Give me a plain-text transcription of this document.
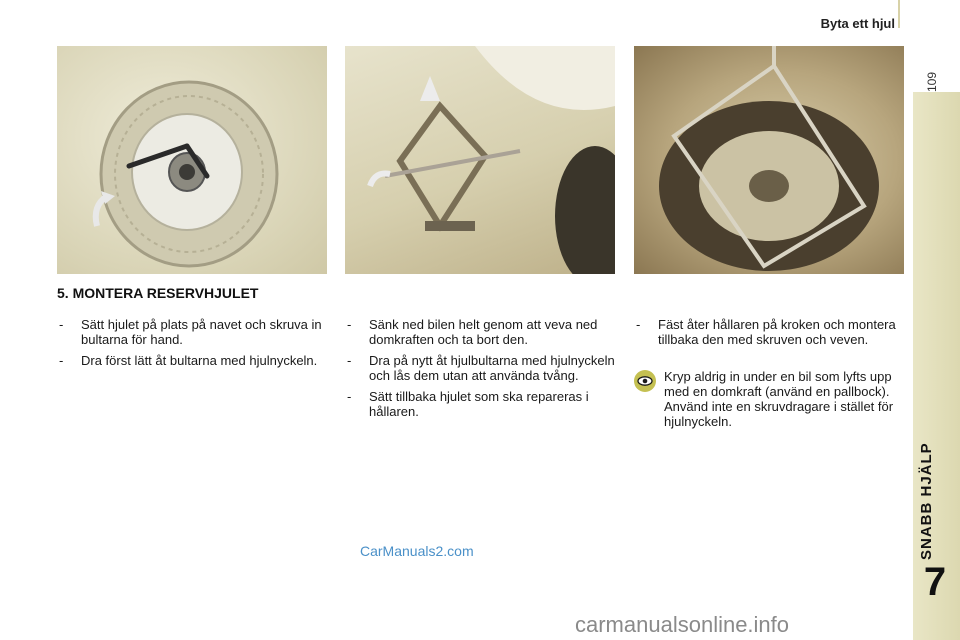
Byta ett hjul
109
SNABB HJÄLP
7
5. MONTERA RESERVHJULET
- Sätt hjulet på plats på navet och skruva in bultarna för hand.
- Dra först lätt åt bultarna med hjulnyckeln.
- Sänk ned bilen helt genom att veva ned domkraften och ta bort den.
- Dra på nytt åt hjulbultarna med hjulnyckeln och lås dem utan att använda tvång.
- Sätt tillbaka hjulet som ska repareras i hållaren.
- Fäst åter hållaren på kroken och montera tillbaka den med skruven och veven.
Kryp aldrig in under en bil som lyfts upp med en domkraft (använd en pallbock). Använd inte en skruvdragare i stället för hjulnyckeln.
CarManuals2.com
carmanualsonline.info
